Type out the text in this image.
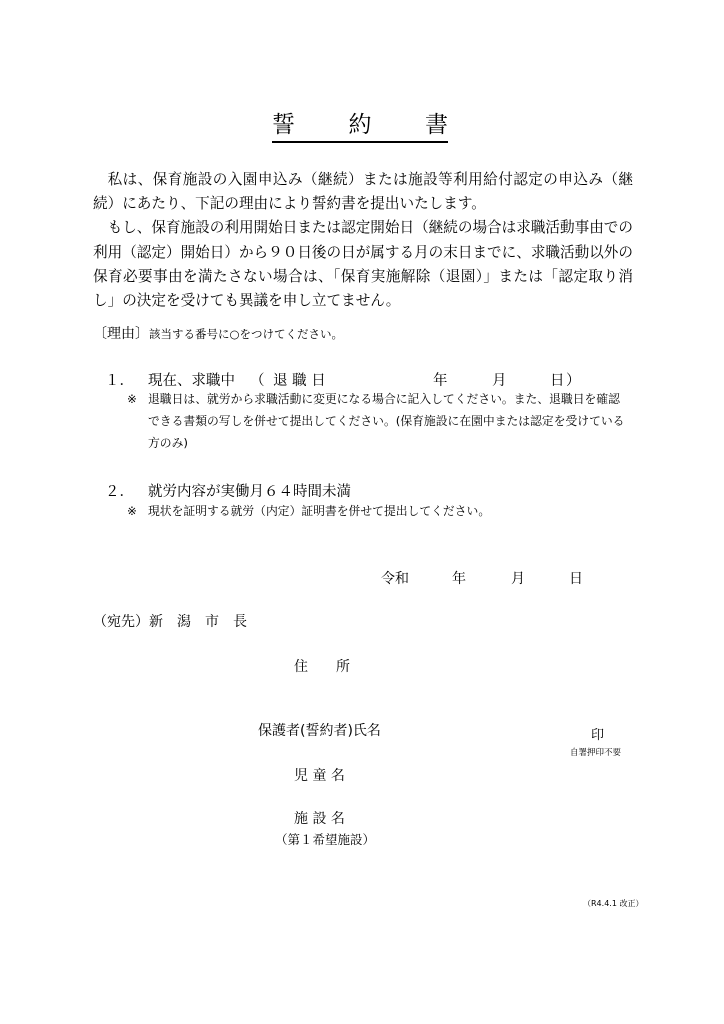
誓 約 書

私は、保育施設の入園申込み（継続）または施設等利用給付認定の申込み（継続）にあたり、下記の理由により誓約書を提出いたします。

もし、保育施設の利用開始日または認定開始日（継続の場合は求職活動事由での利用（認定）開始日）から９０日後の日が属する月の末日までに、求職活動以外の保育必要事由を満たさない場合は、「保育実施解除（退園）」または「認定取り消し」の決定を受けても異議を申し立てません。

〔理由〕該当する番号に○をつけてください。
１． 現在、求職中 （ 退 職 日	年	月	日 ）
※ 退職日は、就労から求職活動に変更になる場合に記入してください。また、退職日を確認できる書類の写しを併せて提出してください。(保育施設に在園中または認定を受けている方のみ)
２． 就労内容が実働月６４時間未満
※ 現状を証明する就労（内定）証明書を併せて提出してください。
令和	年	月	日
（宛先）新　潟　市　長
住　　所
保護者(誓約者)氏名	印
自署押印不要
児 童 名
施 設 名
（第１希望施設）
（R4.4.1 改正）
